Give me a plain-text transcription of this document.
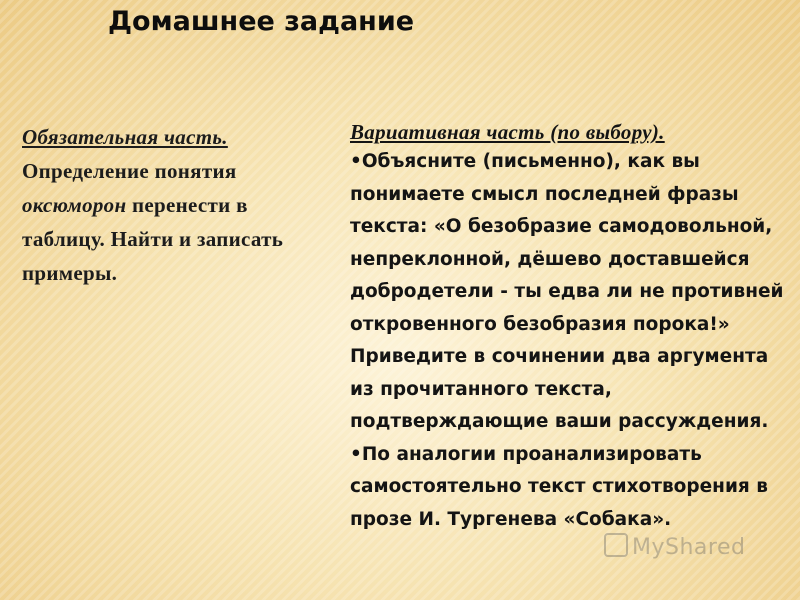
Домашнее задание
Обязательная часть.
Определение понятия
оксюморон перенести в таблицу. Найти и записать примеры.
Вариативная часть (по выбору).

•Объясните (письменно), как вы понимаете смысл последней фразы текста: «О безобразие самодовольной, непреклонной, дёшево доставшейся добродетели - ты едва ли не противней откровенного безобразия порока!» Приведите в сочинении два аргумента из прочитанного текста, подтверждающие ваши рассуждения.

•По аналогии проанализировать самостоятельно текст стихотворения в прозе И. Тургенева «Собака».

MyShared
